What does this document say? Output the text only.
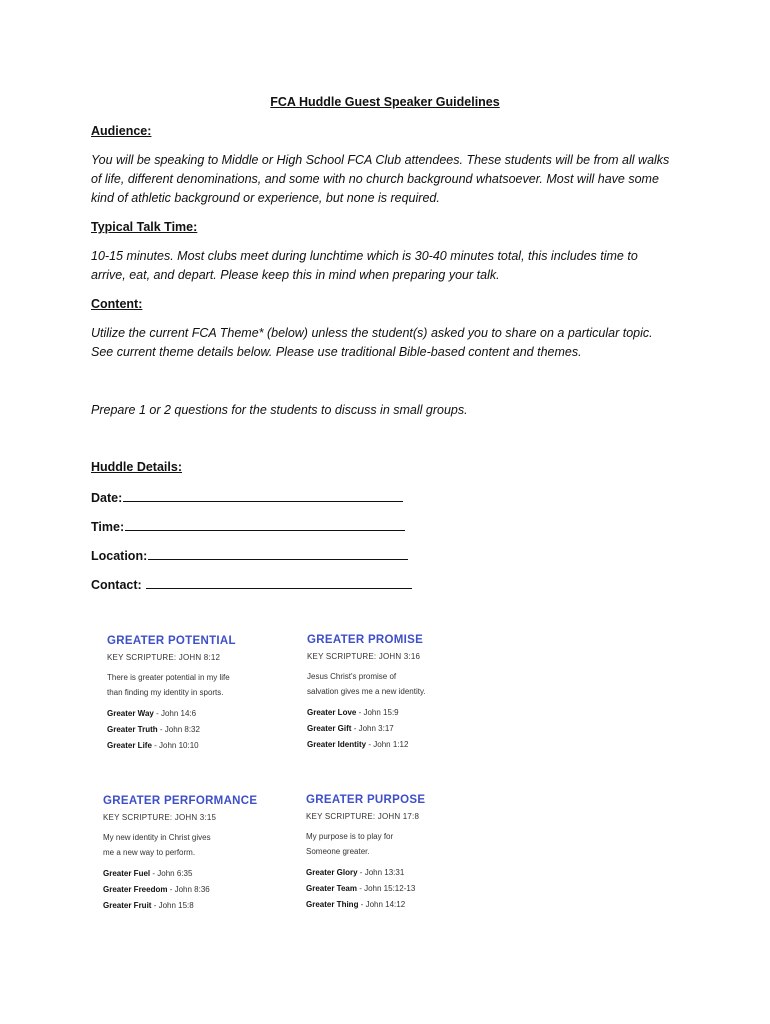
FCA Huddle Guest Speaker Guidelines
Audience:
You will be speaking to Middle or High School FCA Club attendees. These students will be from all walks
of life, different denominations, and some with no church background whatsoever. Most will have some
kind of athletic background or experience, but none is required.
Typical Talk Time:
10-15 minutes. Most clubs meet during lunchtime which is 30-40 minutes total, this includes time to
arrive, eat, and depart. Please keep this in mind when preparing your talk.
Content:
Utilize the current FCA Theme* (below) unless the student(s) asked you to share on a particular topic.
See current theme details below. Please use traditional Bible-based content and themes.
Prepare 1 or 2 questions for the students to discuss in small groups.
Huddle Details:
Date:
Time:
Location:
Contact:
GREATER POTENTIAL
KEY SCRIPTURE: JOHN 8:12
There is greater potential in my life
than finding my identity in sports.
Greater Way - John 14:6
Greater Truth - John 8:32
Greater Life - John 10:10
GREATER PROMISE
KEY SCRIPTURE: JOHN 3:16
Jesus Christ's promise of
salvation gives me a new identity.
Greater Love - John 15:9
Greater Gift - John 3:17
Greater Identity - John 1:12
GREATER PERFORMANCE
KEY SCRIPTURE: JOHN 3:15
My new identity in Christ gives
me a new way to perform.
Greater Fuel - John 6:35
Greater Freedom - John 8:36
Greater Fruit - John 15:8
GREATER PURPOSE
KEY SCRIPTURE: JOHN 17:8
My purpose is to play for
Someone greater.
Greater Glory - John 13:31
Greater Team - John 15:12-13
Greater Thing - John 14:12
